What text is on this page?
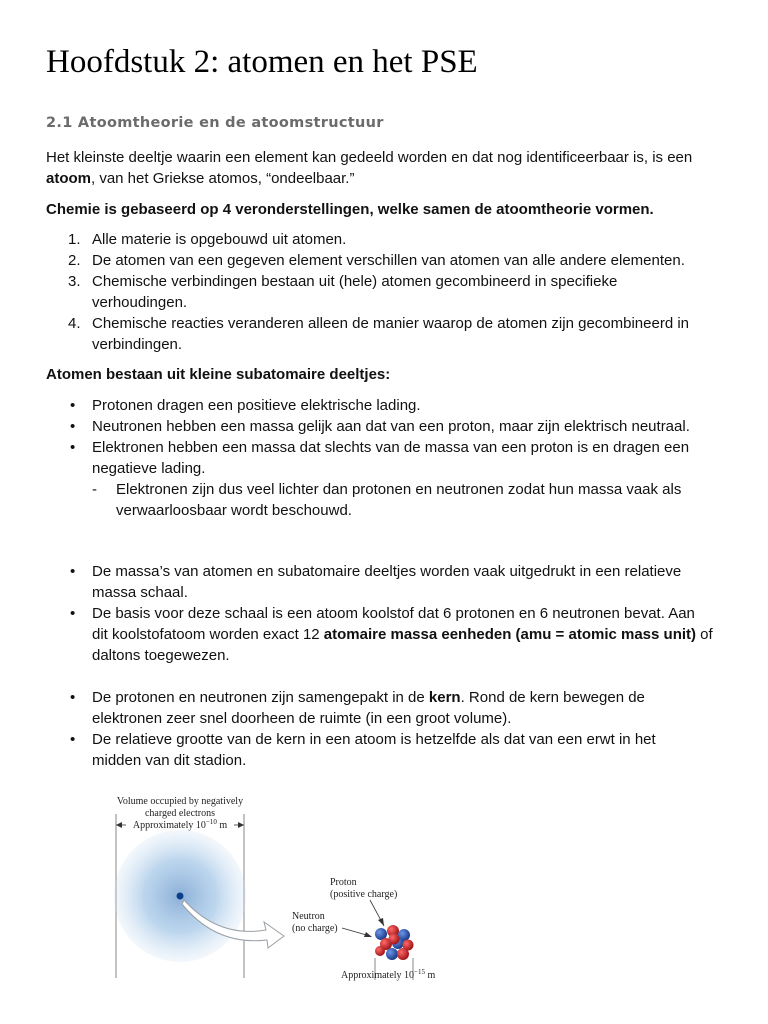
Hoofdstuk 2: atomen en het PSE
2.1 Atoomtheorie en de atoomstructuur

Het kleinste deeltje waarin een element kan gedeeld worden en dat nog identificeerbaar is, is een

atoom, van het Griekse atomos, “ondeelbaar.”

Chemie is gebaseerd op 4 veronderstellingen, welke samen de atoomtheorie vormen.

1. Alle materie is opgebouwd uit atomen.

2. De atomen van een gegeven element verschillen van atomen van alle andere elementen.

3. Chemische verbindingen bestaan uit (hele) atomen gecombineerd in specifieke

verhoudingen.

4. Chemische reacties veranderen alleen de manier waarop de atomen zijn gecombineerd in

verbindingen.

Atomen bestaan uit kleine subatomaire deeltjes:

• Protonen dragen een positieve elektrische lading.

• Neutronen hebben een massa gelijk aan dat van een proton, maar zijn elektrisch neutraal.

• Elektronen hebben een massa dat slechts van de massa van een proton is en dragen een

negatieve lading.

- Elektronen zijn dus veel lichter dan protonen en neutronen zodat hun massa vaak als

verwaarloosbaar wordt beschouwd.

• De massa’s van atomen en subatomaire deeltjes worden vaak uitgedrukt in een relatieve

massa schaal.

• De basis voor deze schaal is een atoom koolstof dat 6 protonen en 6 neutronen bevat. Aan

dit koolstofatoom worden exact 12 atomaire massa eenheden (amu = atomic mass unit) of

daltons toegewezen.

• De protonen en neutronen zijn samengepakt in de kern. Rond de kern bewegen de

elektronen zeer snel doorheen de ruimte (in een groot volume).

• De relatieve grootte van de kern in een atoom is hetzelfde als dat van een erwt in het

midden van dit stadion.

Volume occupied by negatively
charged electrons
Approximately $10^{-10}$ m
Proton
(positive charge)
Neutron
(no charge)
Approximately $10^{-15}$ m
